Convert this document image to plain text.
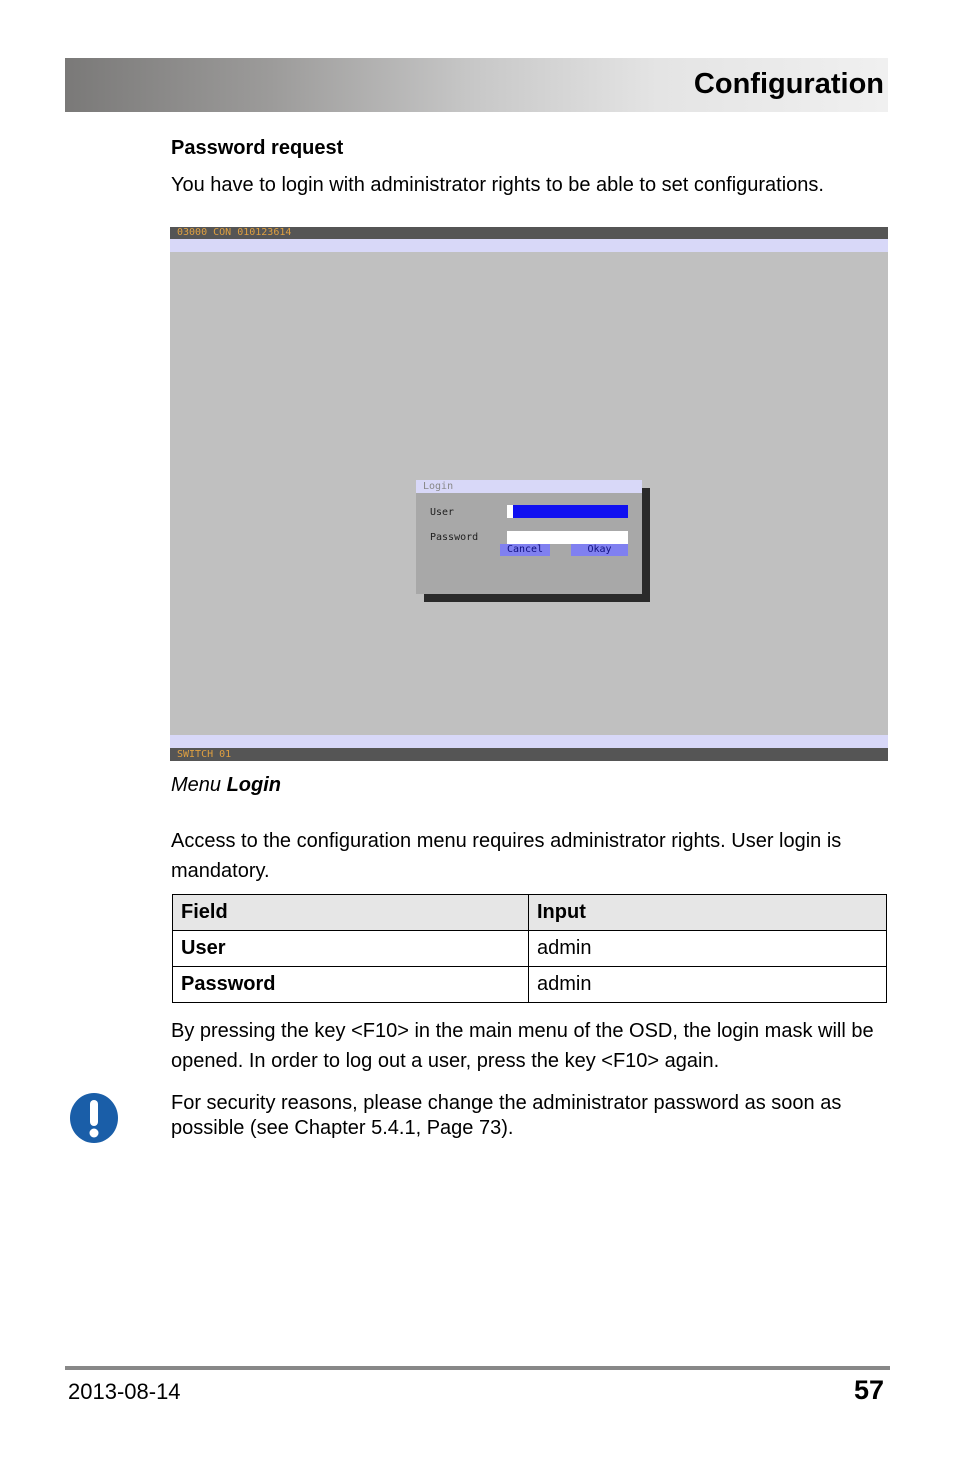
Configuration
Password request
You have to login with administrator rights to be able to set configurations.
03000 CON 010123614
Login
User
Password
Cancel	Okay
SWITCH 01
Menu Login
Access to the configuration menu requires administrator rights. User login is mandatory.
Field	Input
User	admin
Password	admin
By pressing the key <F10> in the main menu of the OSD, the login mask will be opened. In order to log out a user, press the key <F10> again.
For security reasons, please change the administrator password as soon as possible (see Chapter 5.4.1, Page 73).
2013-08-14	57
